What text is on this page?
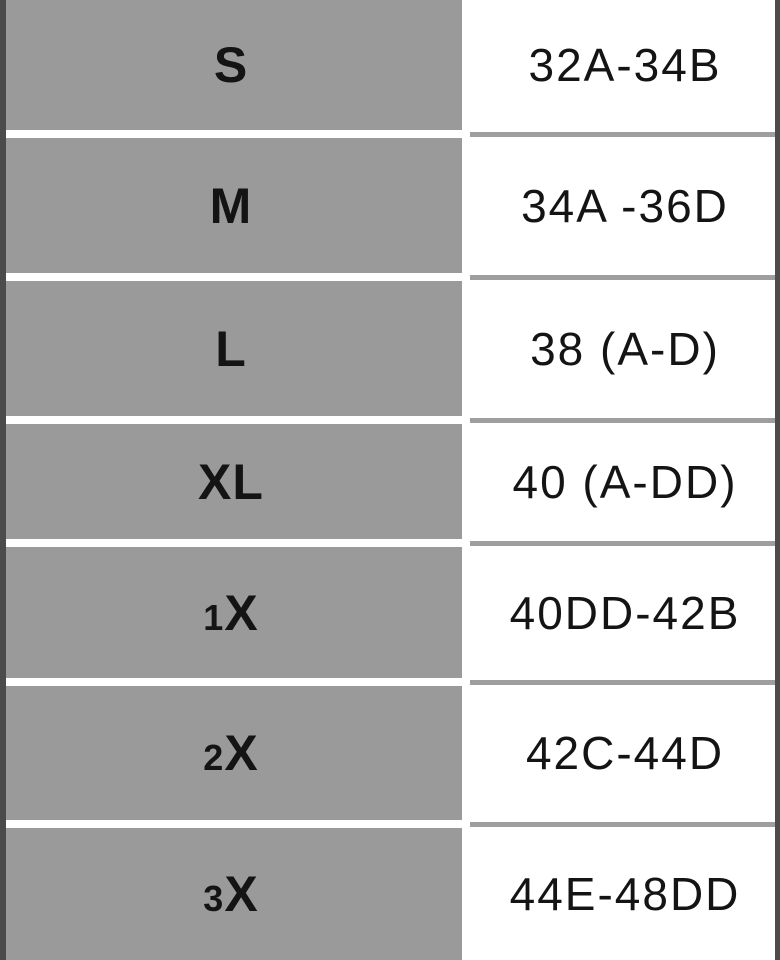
S	32A-34B
M	34A -36D
L	38 (A-D)
XL	40 (A-DD)
1X	40DD-42B
2X	42C-44D
3X	44E-48DD
